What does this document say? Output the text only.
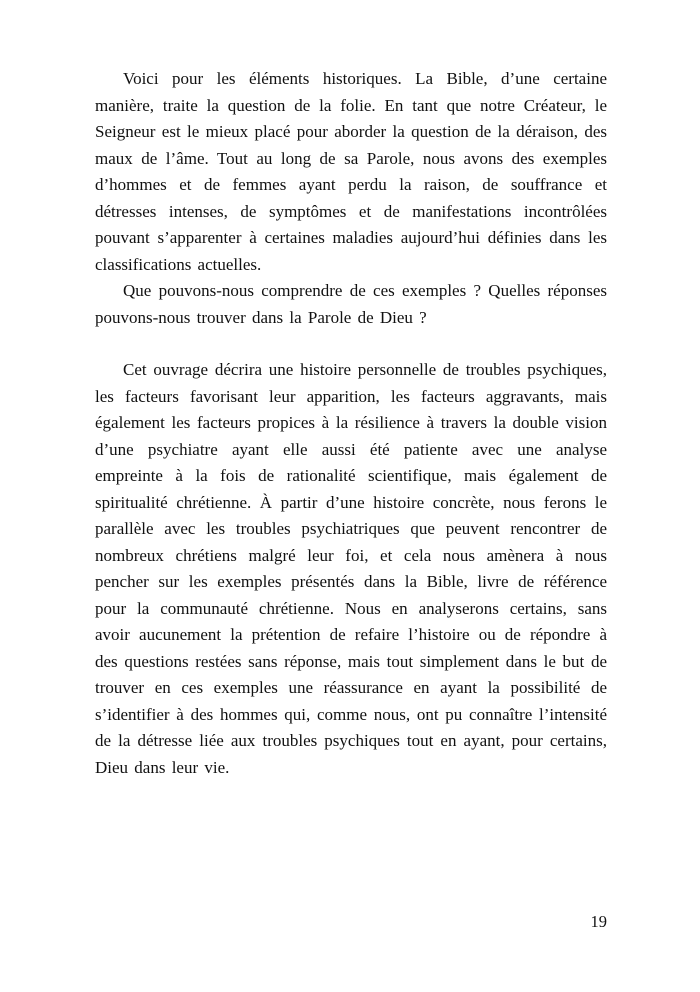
Voici pour les éléments historiques. La Bible, d’une certaine manière, traite la question de la folie. En tant que notre Créateur, le Seigneur est le mieux placé pour aborder la question de la déraison, des maux de l’âme. Tout au long de sa Parole, nous avons des exemples d’hommes et de femmes ayant perdu la raison, de souffrance et détresses intenses, de symptômes et de manifestations incontrôlées pouvant s’apparenter à certaines maladies aujourd’hui définies dans les classifications actuelles.

Que pouvons-nous comprendre de ces exemples ? Quelles réponses pouvons-nous trouver dans la Parole de Dieu ?

Cet ouvrage décrira une histoire personnelle de troubles psychiques, les facteurs favorisant leur apparition, les facteurs aggravants, mais également les facteurs propices à la résilience à travers la double vision d’une psychiatre ayant elle aussi été patiente avec une analyse empreinte à la fois de rationalité scientifique, mais également de spiritualité chrétienne. À partir d’une histoire concrète, nous ferons le parallèle avec les troubles psychiatriques que peuvent rencontrer de nombreux chrétiens malgré leur foi, et cela nous amènera à nous pencher sur les exemples présentés dans la Bible, livre de référence pour la communauté chrétienne. Nous en analyserons certains, sans avoir aucunement la prétention de refaire l’histoire ou de répondre à des questions restées sans réponse, mais tout simplement dans le but de trouver en ces exemples une réassurance en ayant la possibilité de s’identifier à des hommes qui, comme nous, ont pu connaître l’intensité de la détresse liée aux troubles psychiques tout en ayant, pour certains, Dieu dans leur vie.

19
